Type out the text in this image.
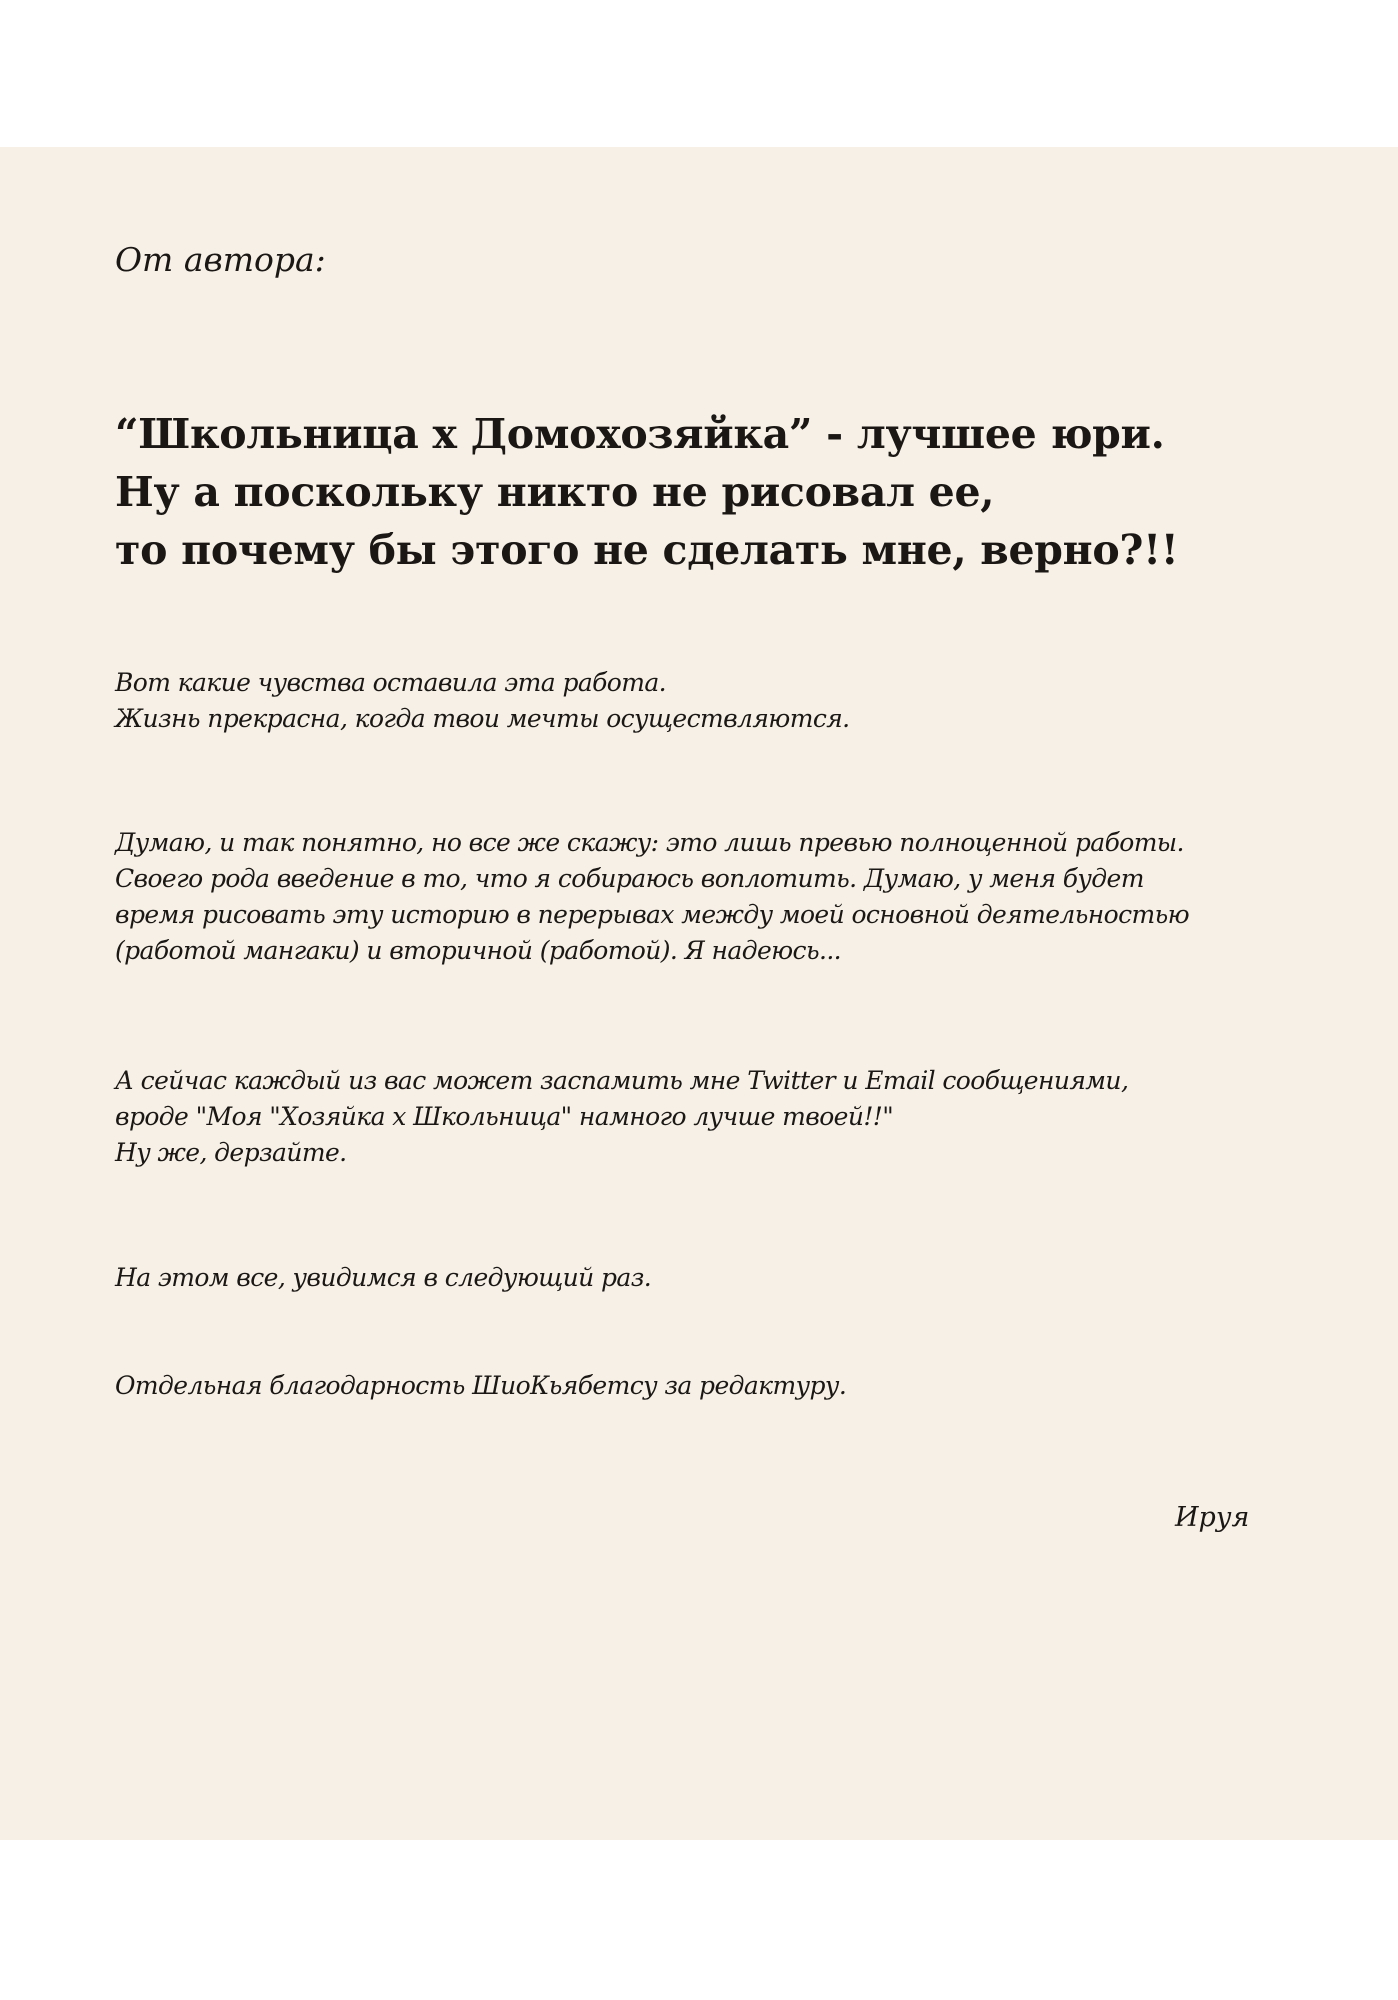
От автора:

“Школьница х Домохозяйка” - лучшее юри.
Ну а поскольку никто не рисовал ее,
то почему бы этого не сделать мне, верно?!!

Вот какие чувства оставила эта работа.
Жизнь прекрасна, когда твои мечты осуществляются.

Думаю, и так понятно, но все же скажу: это лишь превью полноценной работы.
Своего рода введение в то, что я собираюсь воплотить. Думаю, у меня будет
время рисовать эту историю в перерывах между моей основной деятельностью
(работой мангаки) и вторичной (работой). Я надеюсь...

А сейчас каждый из вас может заспамить мне Twitter и Email сообщениями,
вроде "Моя "Хозяйка х Школьница" намного лучше твоей!!"
Ну же, дерзайте.

На этом все, увидимся в следующий раз.

Отдельная благодарность ШиоКьябетсу за редактуру.

Ируя
